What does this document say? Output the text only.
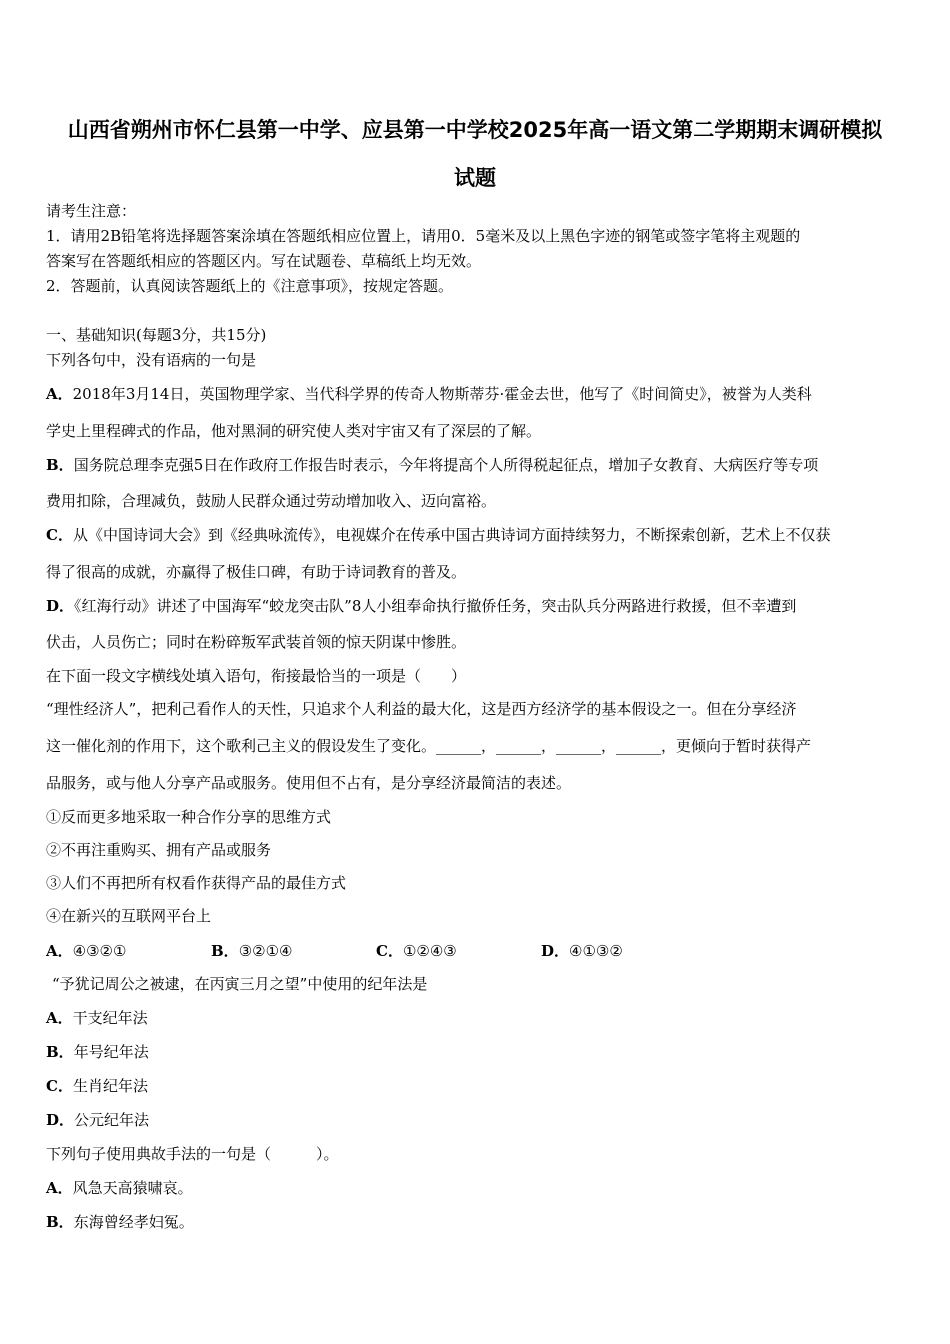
山西省朔州市怀仁县第一中学、应县第一中学校2025年高一语文第二学期期末调研模拟
试题
请考生注意：
1．请用2B铅笔将选择题答案涂填在答题纸相应位置上，请用0．5毫米及以上黑色字迹的钢笔或签字笔将主观题的
答案写在答题纸相应的答题区内。写在试题卷、草稿纸上均无效。
2．答题前，认真阅读答题纸上的《注意事项》，按规定答题。
一、基础知识(每题3分，共15分)
下列各句中，没有语病的一句是
A．2018年3月14日，英国物理学家、当代科学界的传奇人物斯蒂芬·霍金去世，他写了《时间简史》，被誉为人类科
学史上里程碑式的作品，他对黑洞的研究使人类对宇宙又有了深层的了解。
B．国务院总理李克强5日在作政府工作报告时表示，今年将提高个人所得税起征点，增加子女教育、大病医疗等专项
费用扣除，合理减负，鼓励人民群众通过劳动增加收入、迈向富裕。
C．从《中国诗词大会》到《经典咏流传》，电视媒介在传承中国古典诗词方面持续努力，不断探索创新，艺术上不仅获
得了很高的成就，亦赢得了极佳口碑，有助于诗词教育的普及。
D．《红海行动》讲述了中国海军“蛟龙突击队”8人小组奉命执行撤侨任务，突击队兵分两路进行救援，但不幸遭到
伏击，人员伤亡；同时在粉碎叛军武装首领的惊天阴谋中惨胜。
在下面一段文字横线处填入语句，衔接最恰当的一项是（　　）
“理性经济人”，把利己看作人的天性，只追求个人利益的最大化，这是西方经济学的基本假设之一。但在分享经济
这一催化剂的作用下，这个歌利己主义的假设发生了变化。______，______，______，______，更倾向于暂时获得产
品服务，或与他人分享产品或服务。使用但不占有，是分享经济最简洁的表述。
①反而更多地采取一种合作分享的思维方式
②不再注重购买、拥有产品或服务
③人们不再把所有权看作获得产品的最佳方式
④在新兴的互联网平台上
A．④③②①	B．③②①④	C．①②④③	D．④①③②
“予犹记周公之被逮，在丙寅三月之望”中使用的纪年法是
A．干支纪年法
B．年号纪年法
C．生肖纪年法
D．公元纪年法
下列句子使用典故手法的一句是（　　　）。
A．风急天高猿啸哀。
B．东海曾经孝妇冤。
